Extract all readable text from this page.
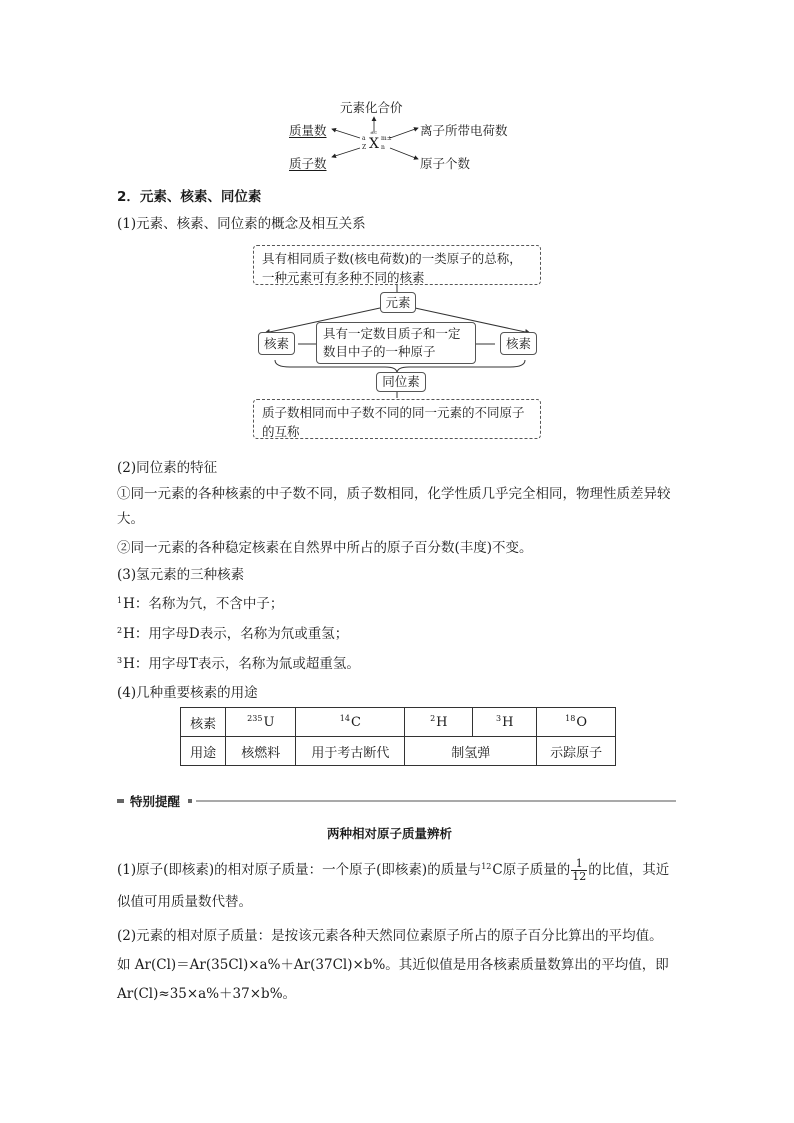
元素化合价
质量数
质子数
离子所带电荷数
原子个数
±c
a
Z X m±
n
2．元素、核素、同位素
(1)元素、核素、同位素的概念及相互关系
具有相同质子数(核电荷数)的一类原子的总称，一种元素可有多种不同的核素
元素
核素
具有一定数目质子和一定数目中子的一种原子
核素
同位素
质子数相同而中子数不同的同一元素的不同原子的互称
(2)同位素的特征
①同一元素的各种核素的中子数不同，质子数相同，化学性质几乎完全相同，物理性质差异较大。
②同一元素的各种稳定核素在自然界中所占的原子百分数(丰度)不变。
(3)氢元素的三种核素
$^1$H：名称为氕，不含中子；
$^2$H：用字母D表示，名称为氘或重氢；
$^3$H：用字母T表示，名称为氚或超重氢。
(4)几种重要核素的用途
核素	$^{235}$U	$^{14}$C	$^2$H	$^3$H	$^{18}$O
用途	核燃料	用于考古断代	制氢弹		示踪原子
特别提醒
两种相对原子质量辨析
(1)原子(即核素)的相对原子质量：一个原子(即核素)的质量与$^{12}$C原子质量的 $\frac{1}{12}$ 的比值，其近
似值可用质量数代替。
(2)元素的相对原子质量：是按该元素各种天然同位素原子所占的原子百分比算出的平均值。
如 Ar(Cl)＝Ar(35Cl)×a%＋Ar(37Cl)×b%。其近似值是用各核素质量数算出的平均值，即
Ar(Cl)≈35×a%＋37×b%。
